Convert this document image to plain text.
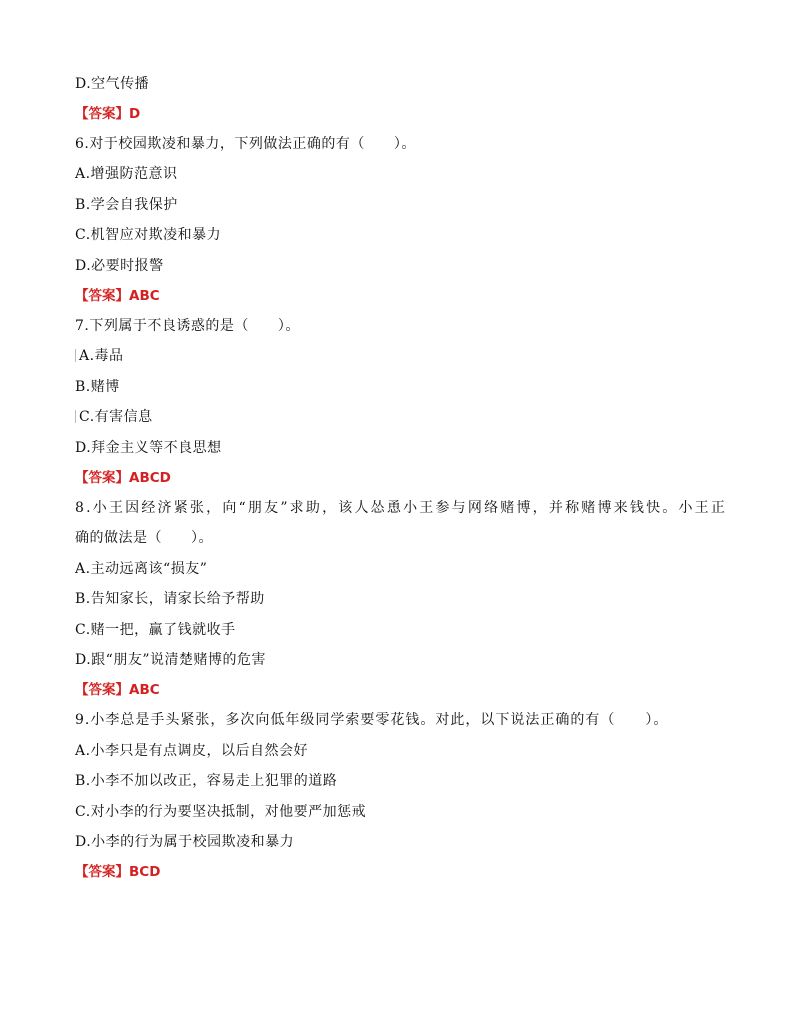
D.空气传播
【答案】D
6.对于校园欺凌和暴力，下列做法正确的有（　　）。
A.增强防范意识
B.学会自我保护
C.机智应对欺凌和暴力
D.必要时报警
【答案】ABC
7.下列属于不良诱惑的是（　　）。
A.毒品
B.赌博
C.有害信息
D.拜金主义等不良思想
【答案】ABCD
8.小王因经济紧张，向“朋友”求助，该人怂恿小王参与网络赌博，并称赌博来钱快。小王正
确的做法是（　　）。
A.主动远离该“损友”
B.告知家长，请家长给予帮助
C.赌一把，赢了钱就收手
D.跟“朋友”说清楚赌博的危害
【答案】ABC
9.小李总是手头紧张，多次向低年级同学索要零花钱。对此，以下说法正确的有（　　）。
A.小李只是有点调皮，以后自然会好
B.小李不加以改正，容易走上犯罪的道路
C.对小李的行为要坚决抵制，对他要严加惩戒
D.小李的行为属于校园欺凌和暴力
【答案】BCD
